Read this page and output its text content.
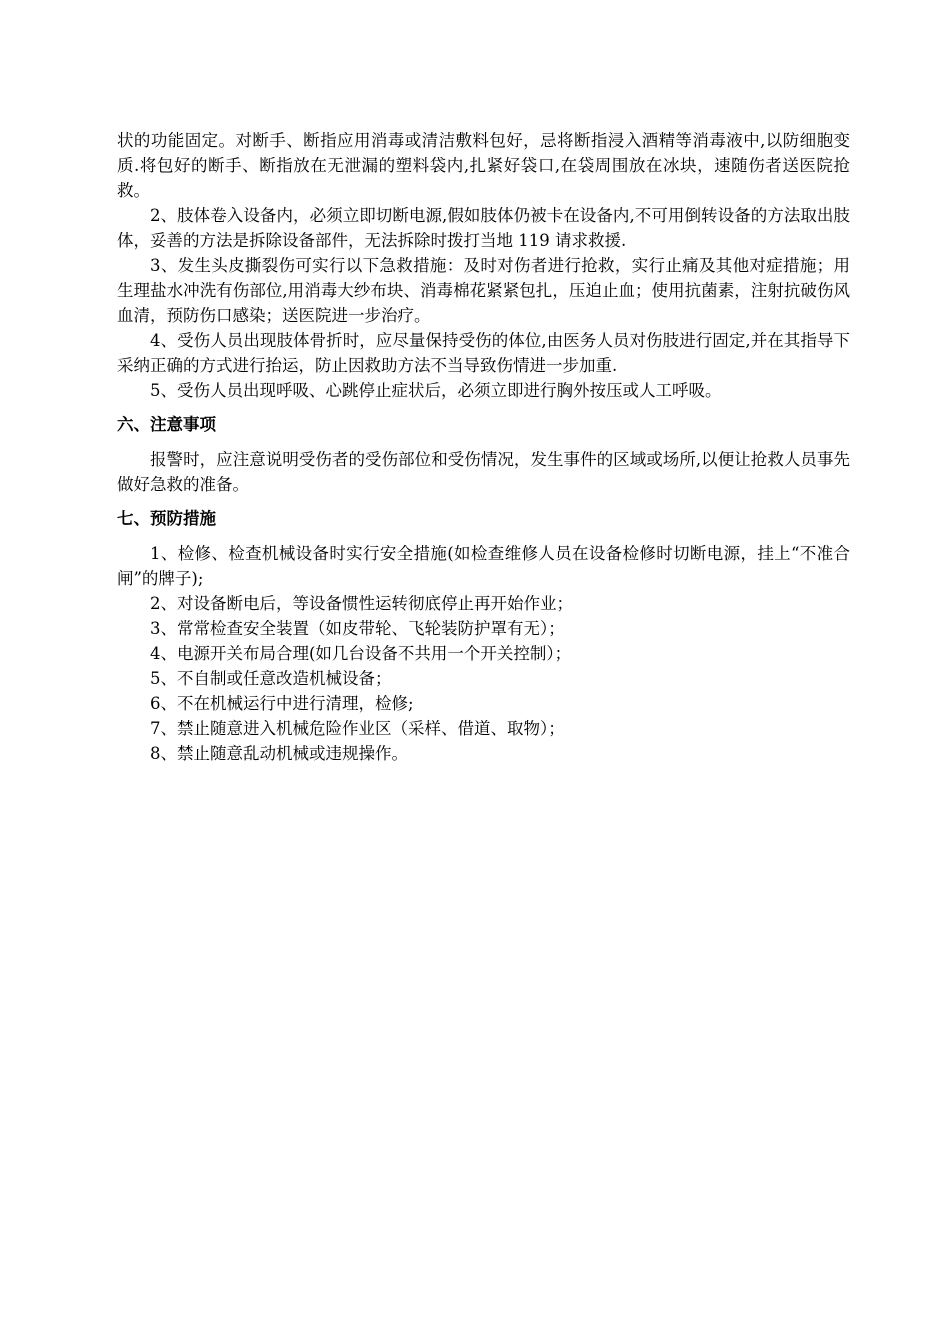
状的功能固定。对断手、断指应用消毒或清洁敷料包好，忌将断指浸入酒精等消毒液中,以防细胞变质.将包好的断手、断指放在无泄漏的塑料袋内,扎紧好袋口,在袋周围放在冰块，速随伤者送医院抢救。

2、肢体卷入设备内，必须立即切断电源,假如肢体仍被卡在设备内,不可用倒转设备的方法取出肢体，妥善的方法是拆除设备部件，无法拆除时拨打当地 119 请求救援.

3、发生头皮撕裂伤可实行以下急救措施：及时对伤者进行抢救，实行止痛及其他对症措施；用生理盐水冲洗有伤部位,用消毒大纱布块、消毒棉花紧紧包扎，压迫止血；使用抗菌素，注射抗破伤风血清，预防伤口感染；送医院进一步治疗。

4、受伤人员出现肢体骨折时，应尽量保持受伤的体位,由医务人员对伤肢进行固定,并在其指导下采纳正确的方式进行抬运，防止因救助方法不当导致伤情进一步加重.

5、受伤人员出现呼吸、心跳停止症状后，必须立即进行胸外按压或人工呼吸。

六、注意事项

报警时，应注意说明受伤者的受伤部位和受伤情况，发生事件的区域或场所,以便让抢救人员事先做好急救的准备。

七、预防措施

1、检修、检查机械设备时实行安全措施(如检查维修人员在设备检修时切断电源，挂上“不准合闸”的牌子);

2、对设备断电后，等设备惯性运转彻底停止再开始作业；

3、常常检查安全装置（如皮带轮、飞轮装防护罩有无）；

4、电源开关布局合理(如几台设备不共用一个开关控制）；

5、不自制或任意改造机械设备；

6、不在机械运行中进行清理，检修;

7、禁止随意进入机械危险作业区（采样、借道、取物）；

8、禁止随意乱动机械或违规操作。
